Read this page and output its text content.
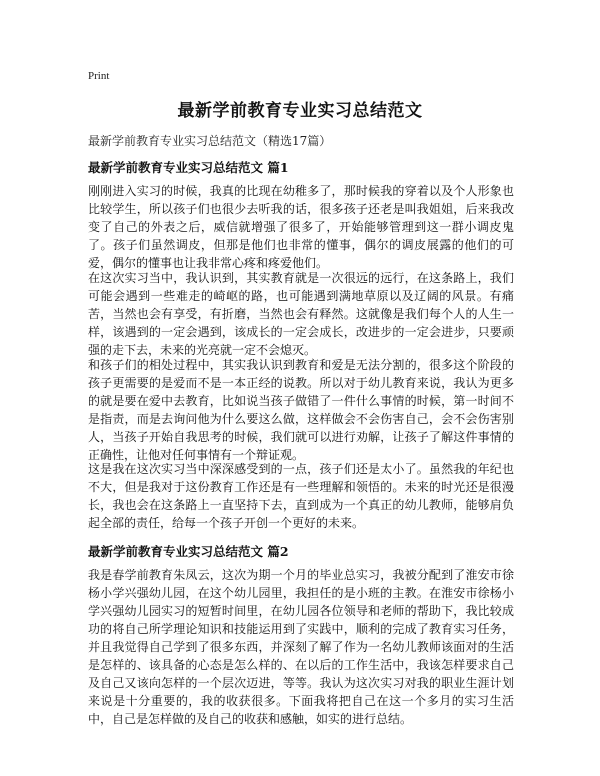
Print
最新学前教育专业实习总结范文
最新学前教育专业实习总结范文（精选17篇）
最新学前教育专业实习总结范文 篇1

刚刚进入实习的时候，我真的比现在幼稚多了，那时候我的穿着以及个人形象也比较学生，所以孩子们也很少去听我的话，很多孩子还老是叫我姐姐，后来我改变了自己的外表之后，威信就增强了很多了，开始能够管理到这一群小调皮鬼了。孩子们虽然调皮，但那是他们也非常的懂事，偶尔的调皮展露的他们的可爱，偶尔的懂事也让我非常心疼和疼爱他们。

在这次实习当中，我认识到，其实教育就是一次很远的远行，在这条路上，我们可能会遇到一些难走的崎岖的路，也可能遇到满地草原以及辽阔的风景。有痛苦，当然也会有享受，有折磨，当然也会有释然。这就像是我们每个人的人生一样，该遇到的一定会遇到，该成长的一定会成长，改进步的一定会进步，只要顽强的走下去，未来的光亮就一定不会熄灭。

和孩子们的相处过程中，其实我认识到教育和爱是无法分割的，很多这个阶段的孩子更需要的是爱而不是一本正经的说教。所以对于幼儿教育来说，我认为更多的就是要在爱中去教育，比如说当孩子做错了一件什么事情的时候，第一时间不是指责，而是去询问他为什么要这么做，这样做会不会伤害自己，会不会伤害别人，当孩子开始自我思考的时候，我们就可以进行劝解，让孩子了解这件事情的正确性，让他对任何事情有一个辩证观。

这是我在这次实习当中深深感受到的一点，孩子们还是太小了。虽然我的年纪也不大，但是我对于这份教育工作还是有一些理解和领悟的。未来的时光还是很漫长，我也会在这条路上一直坚持下去，直到成为一个真正的幼儿教师，能够肩负起全部的责任，给每一个孩子开创一个更好的未来。

最新学前教育专业实习总结范文 篇2

我是春学前教育朱凤云，这次为期一个月的毕业总实习，我被分配到了淮安市徐杨小学兴强幼儿园，在这个幼儿园里，我担任的是小班的主教。在淮安市徐杨小学兴强幼儿园实习的短暂时间里，在幼儿园各位领导和老师的帮助下，我比较成功的将自己所学理论知识和技能运用到了实践中，顺利的完成了教育实习任务，并且我觉得自己学到了很多东西，并深刻了解了作为一名幼儿教师该面对的生活是怎样的、该具备的心态是怎么样的、在以后的工作生活中，我该怎样要求自己及自己又该向怎样的一个层次迈进，等等。我认为这次实习对我的职业生涯计划来说是十分重要的，我的收获很多。下面我将把自己在这一个多月的实习生活中，自己是怎样做的及自己的收获和感触，如实的进行总结。
